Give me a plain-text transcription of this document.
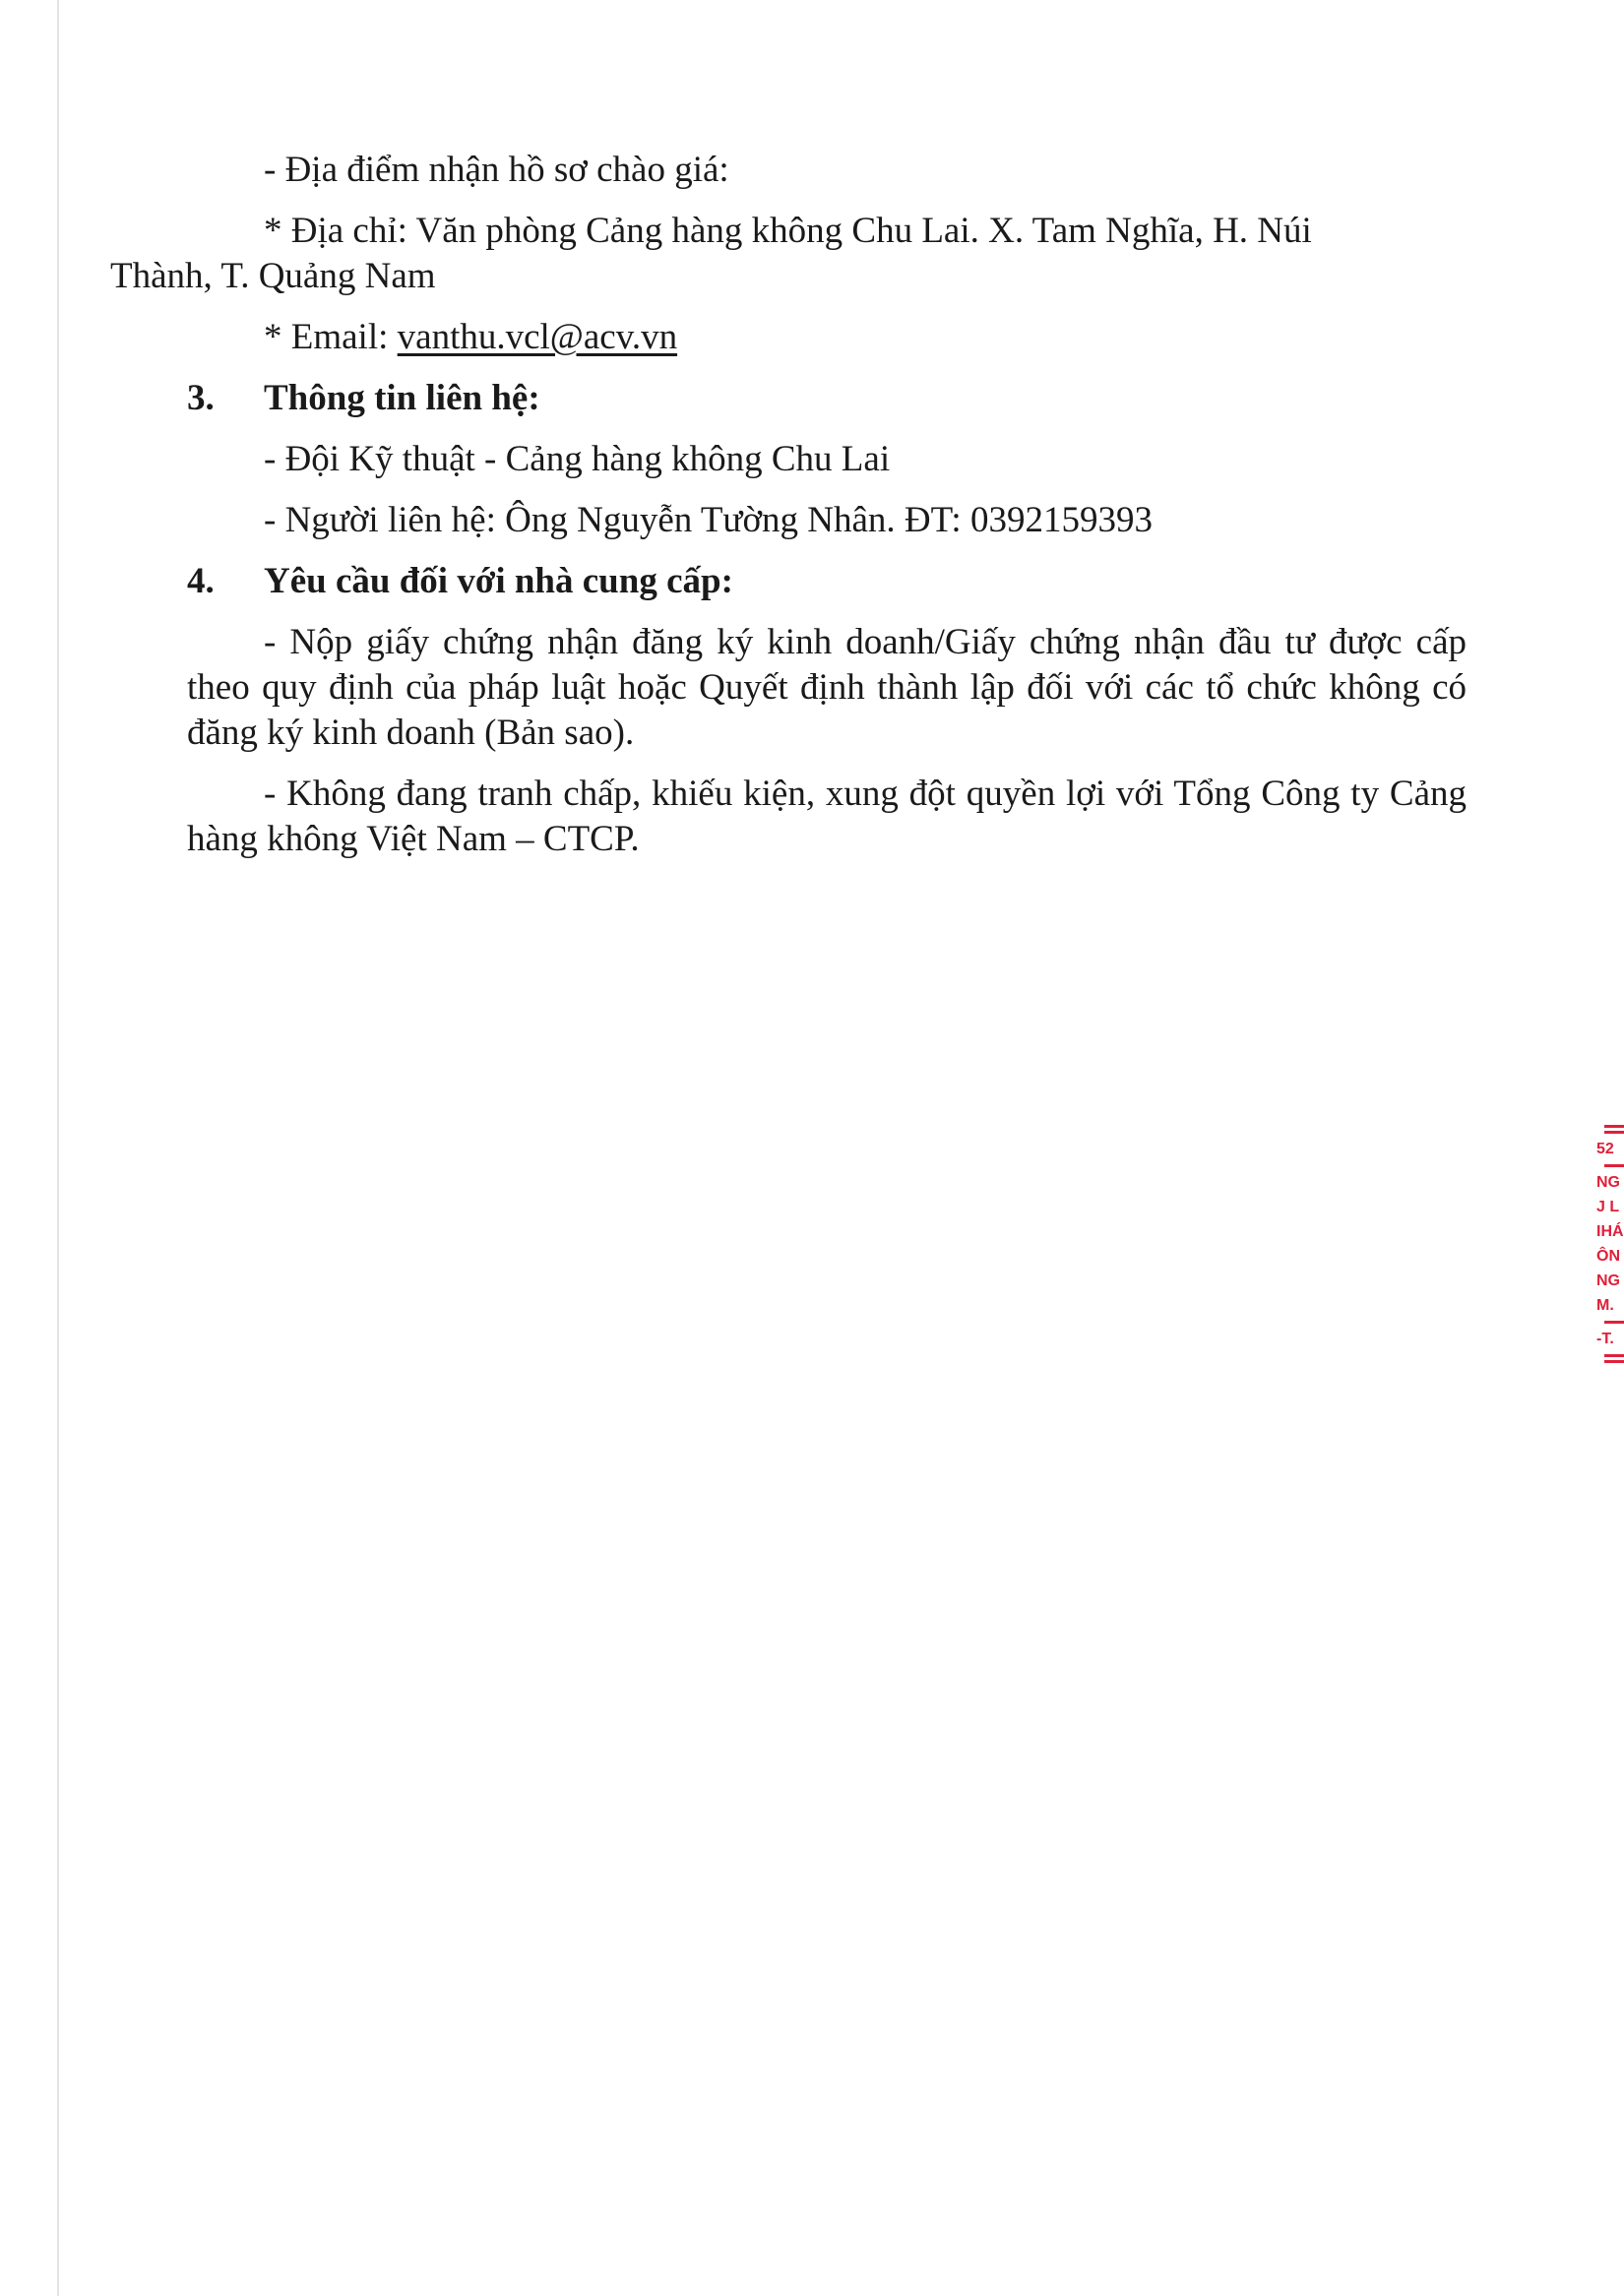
- Địa điểm nhận hồ sơ chào giá:

* Địa chỉ: Văn phòng Cảng hàng không Chu Lai. X. Tam Nghĩa, H. Núi
Thành, T. Quảng Nam

* Email: vanthu.vcl@acv.vn
3.	Thông tin liên hệ:
- Đội Kỹ thuật - Cảng hàng không Chu Lai
- Người liên hệ: Ông Nguyễn Tường Nhân. ĐT: 0392159393
4.	Yêu cầu đối với nhà cung cấp:

- Nộp giấy chứng nhận đăng ký kinh doanh/Giấy chứng nhận đầu tư được cấp theo quy định của pháp luật hoặc Quyết định thành lập đối với các tổ chức không có đăng ký kinh doanh (Bản sao).

- Không đang tranh chấp, khiếu kiện, xung đột quyền lợi với Tổng Công ty Cảng hàng không Việt Nam – CTCP.

52
NG
J L
IHÁ
ÔN
NG
M.
-T.
